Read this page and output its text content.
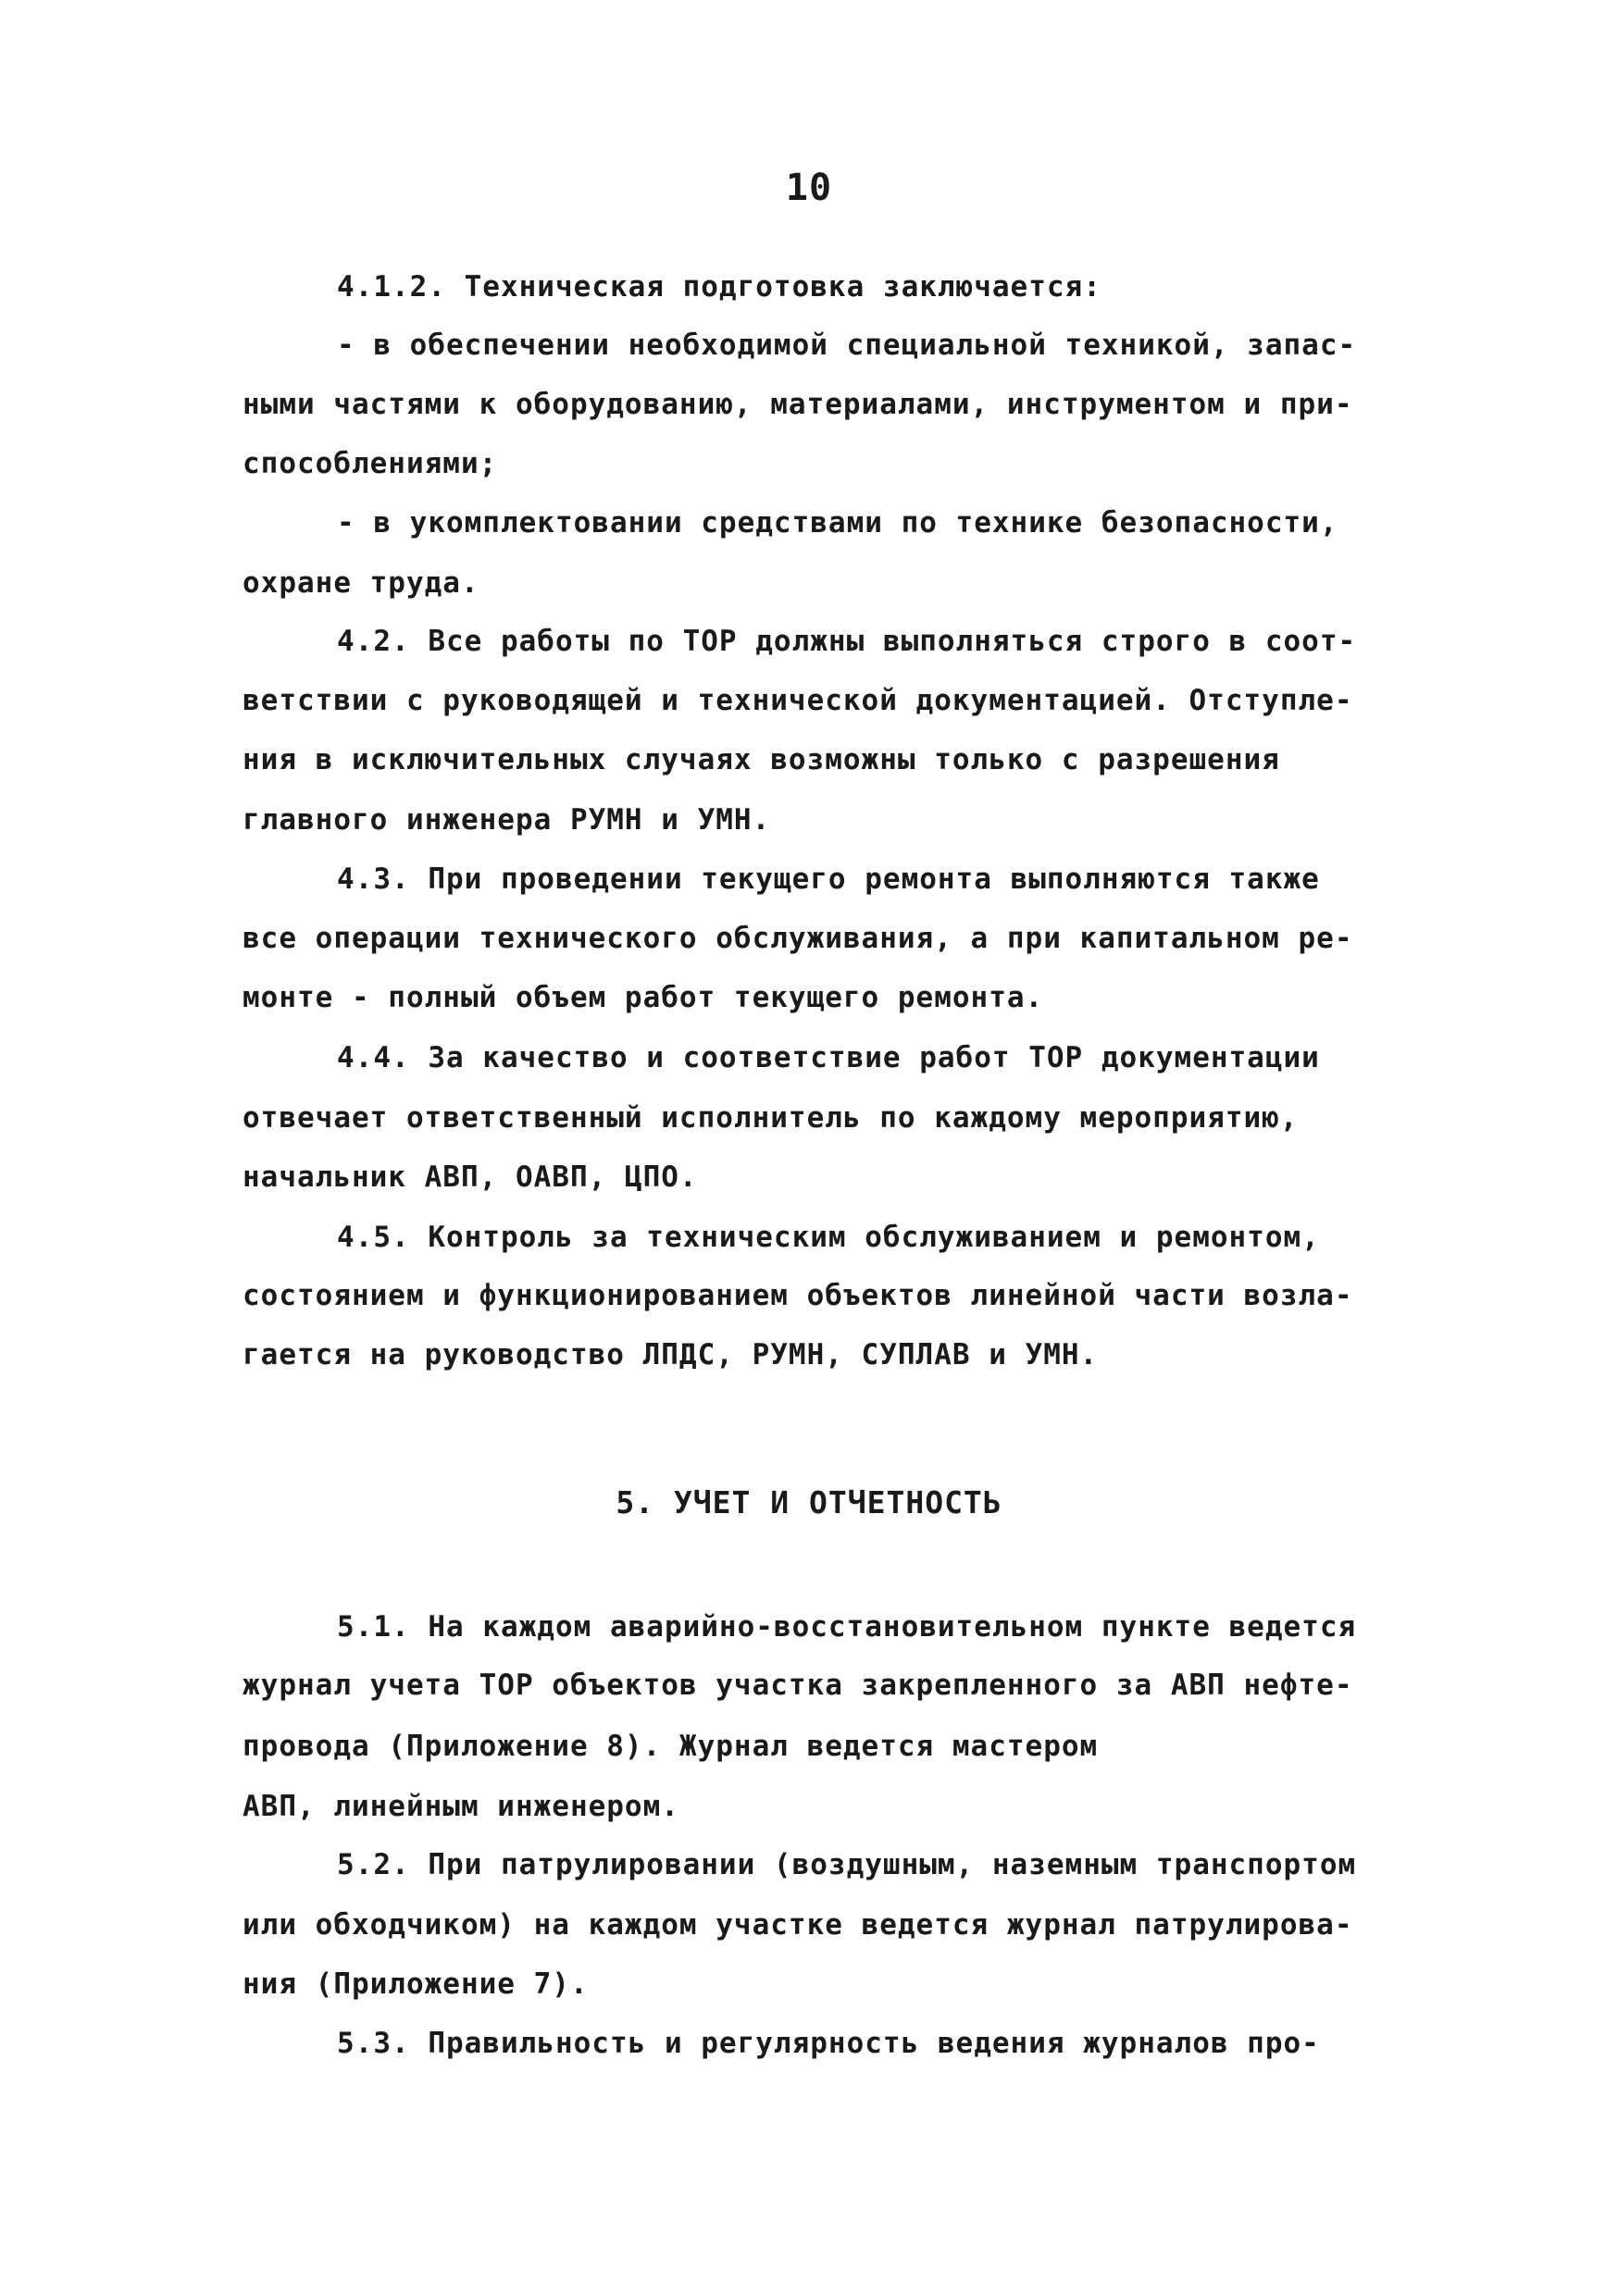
10
4.1.2. Техническая подготовка заключается:
- в обеспечении необходимой специальной техникой, запас-
ными частями к оборудованию, материалами, инструментом и при-
способлениями;
- в укомплектовании средствами по технике безопасности,
охране труда.
4.2. Все работы по ТОР должны выполняться строго в соот-
ветствии с руководящей и технической документацией. Отступле-
ния в исключительных случаях возможны только с разрешения
главного инженера РУМН и УМН.
4.3. При проведении текущего ремонта выполняются также
все операции технического обслуживания, а при капитальном ре-
монте - полный объем работ текущего ремонта.
4.4. За качество и соответствие работ ТОР документации
отвечает ответственный исполнитель по каждому мероприятию,
начальник АВП, ОАВП, ЦПО.
4.5. Контроль за техническим обслуживанием и ремонтом,
состоянием и функционированием объектов линейной части возла-
гается на руководство ЛПДС, РУМН, СУПЛАВ и УМН.
5.1. На каждом аварийно-восстановительном пункте ведется
журнал учета ТОР объектов участка закрепленного за АВП нефте-
провода (Приложение 8). Журнал ведется мастером
АВП, линейным инженером.
5.2. При патрулировании (воздушным, наземным транспортом
или обходчиком) на каждом участке ведется журнал патрулирова-
ния (Приложение 7).
5.3. Правильность и регулярность ведения журналов про-
5. УЧЕТ И ОТЧЕТНОСТЬ
